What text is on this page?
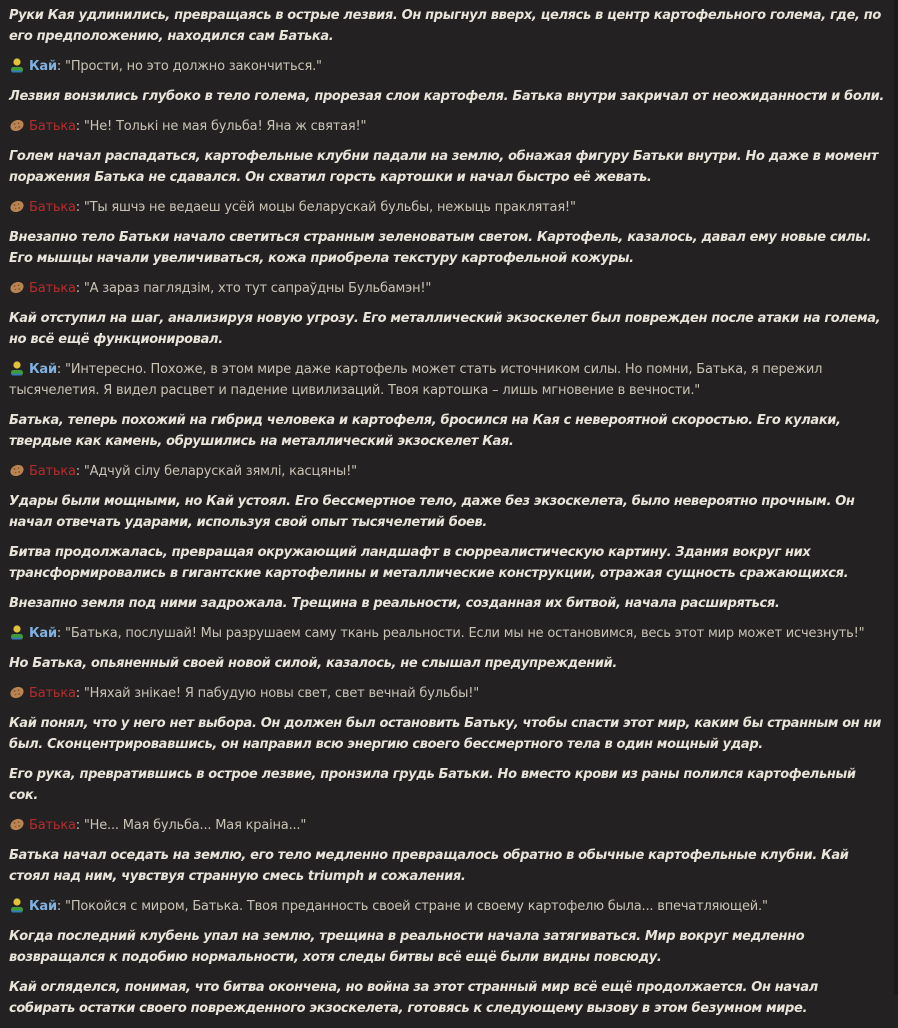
Руки Кая удлинились, превращаясь в острые лезвия. Он прыгнул вверх, целясь в центр картофельного голема, где, по его предположению, находился сам Батька.
Кай: "Прости, но это должно закончиться."
Лезвия вонзились глубоко в тело голема, прорезая слои картофеля. Батька внутри закричал от неожиданности и боли.
Батька: "Не! Толькі не мая бульба! Яна ж святая!"
Голем начал распадаться, картофельные клубни падали на землю, обнажая фигуру Батьки внутри. Но даже в момент поражения Батька не сдавался. Он схватил горсть картошки и начал быстро её жевать.
Батька: "Ты яшчэ не ведаеш усёй моцы беларускай бульбы, нежыць праклятая!"
Внезапно тело Батьки начало светиться странным зеленоватым светом. Картофель, казалось, давал ему новые силы. Его мышцы начали увеличиваться, кожа приобрела текстуру картофельной кожуры.
Батька: "А зараз паглядзім, хто тут сапраўдны Бульбамэн!"
Кай отступил на шаг, анализируя новую угрозу. Его металлический экзоскелет был поврежден после атаки на голема, но всё ещё функционировал.
Кай: "Интересно. Похоже, в этом мире даже картофель может стать источником силы. Но помни, Батька, я пережил тысячелетия. Я видел расцвет и падение цивилизаций. Твоя картошка – лишь мгновение в вечности."
Батька, теперь похожий на гибрид человека и картофеля, бросился на Кая с невероятной скоростью. Его кулаки, твердые как камень, обрушились на металлический экзоскелет Кая.
Батька: "Адчуй сілу беларускай зямлі, касцяны!"
Удары были мощными, но Кай устоял. Его бессмертное тело, даже без экзоскелета, было невероятно прочным. Он начал отвечать ударами, используя свой опыт тысячелетий боев.
Битва продолжалась, превращая окружающий ландшафт в сюрреалистическую картину. Здания вокруг них трансформировались в гигантские картофелины и металлические конструкции, отражая сущность сражающихся.
Внезапно земля под ними задрожала. Трещина в реальности, созданная их битвой, начала расширяться.
Кай: "Батька, послушай! Мы разрушаем саму ткань реальности. Если мы не остановимся, весь этот мир может исчезнуть!"
Но Батька, опьяненный своей новой силой, казалось, не слышал предупреждений.
Батька: "Няхай знікае! Я пабудую новы свет, свет вечнай бульбы!"
Кай понял, что у него нет выбора. Он должен был остановить Батьку, чтобы спасти этот мир, каким бы странным он ни был. Сконцентрировавшись, он направил всю энергию своего бессмертного тела в один мощный удар.
Его рука, превратившись в острое лезвие, пронзила грудь Батьки. Но вместо крови из раны полился картофельный сок.
Батька: "Не... Мая бульба... Мая краіна..."
Батька начал оседать на землю, его тело медленно превращалось обратно в обычные картофельные клубни. Кай стоял над ним, чувствуя странную смесь triumph и сожаления.
Кай: "Покойся с миром, Батька. Твоя преданность своей стране и своему картофелю была... впечатляющей."
Когда последний клубень упал на землю, трещина в реальности начала затягиваться. Мир вокруг медленно возвращался к подобию нормальности, хотя следы битвы всё ещё были видны повсюду.
Кай огляделся, понимая, что битва окончена, но война за этот странный мир всё ещё продолжается. Он начал собирать остатки своего поврежденного экзоскелета, готовясь к следующему вызову в этом безумном мире.
